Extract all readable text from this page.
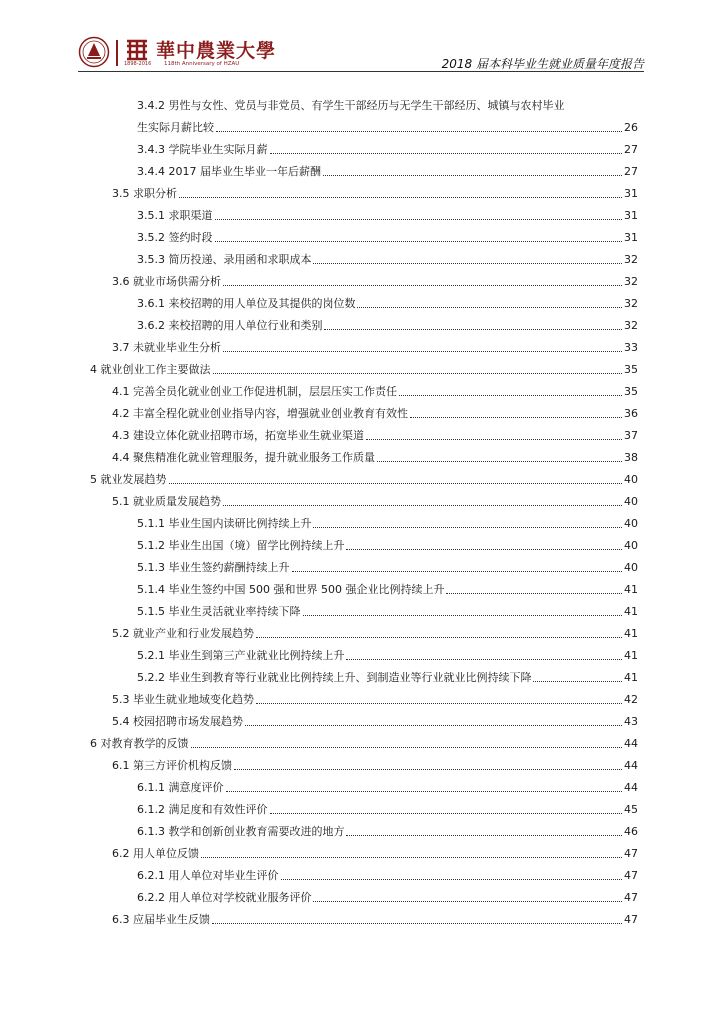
華中農業大學
1898-2016 118th Anniversary of HZAU	2018 届本科毕业生就业质量年度报告
3.4.2 男性与女性、党员与非党员、有学生干部经历与无学生干部经历、城镇与农村毕业
生实际月薪比较	26
3.4.3 学院毕业生实际月薪	27
3.4.4 2017 届毕业生毕业一年后薪酬	27
3.5 求职分析	31
3.5.1 求职渠道	31
3.5.2 签约时段	31
3.5.3 简历投递、录用函和求职成本	32
3.6 就业市场供需分析	32
3.6.1 来校招聘的用人单位及其提供的岗位数	32
3.6.2 来校招聘的用人单位行业和类别	32
3.7 未就业毕业生分析	33
4 就业创业工作主要做法	35
4.1 完善全员化就业创业工作促进机制，层层压实工作责任	35
4.2 丰富全程化就业创业指导内容，增强就业创业教育有效性	36
4.3 建设立体化就业招聘市场，拓宽毕业生就业渠道	37
4.4 聚焦精准化就业管理服务，提升就业服务工作质量	38
5 就业发展趋势	40
5.1 就业质量发展趋势	40
5.1.1 毕业生国内读研比例持续上升	40
5.1.2 毕业生出国（境）留学比例持续上升	40
5.1.3 毕业生签约薪酬持续上升	40
5.1.4 毕业生签约中国 500 强和世界 500 强企业比例持续上升	41
5.1.5 毕业生灵活就业率持续下降	41
5.2 就业产业和行业发展趋势	41
5.2.1 毕业生到第三产业就业比例持续上升	41
5.2.2 毕业生到教育等行业就业比例持续上升、到制造业等行业就业比例持续下降	41
5.3 毕业生就业地域变化趋势	42
5.4 校园招聘市场发展趋势	43
6 对教育教学的反馈	44
6.1 第三方评价机构反馈	44
6.1.1 满意度评价	44
6.1.2 满足度和有效性评价	45
6.1.3 教学和创新创业教育需要改进的地方	46
6.2 用人单位反馈	47
6.2.1 用人单位对毕业生评价	47
6.2.2 用人单位对学校就业服务评价	47
6.3 应届毕业生反馈	47
